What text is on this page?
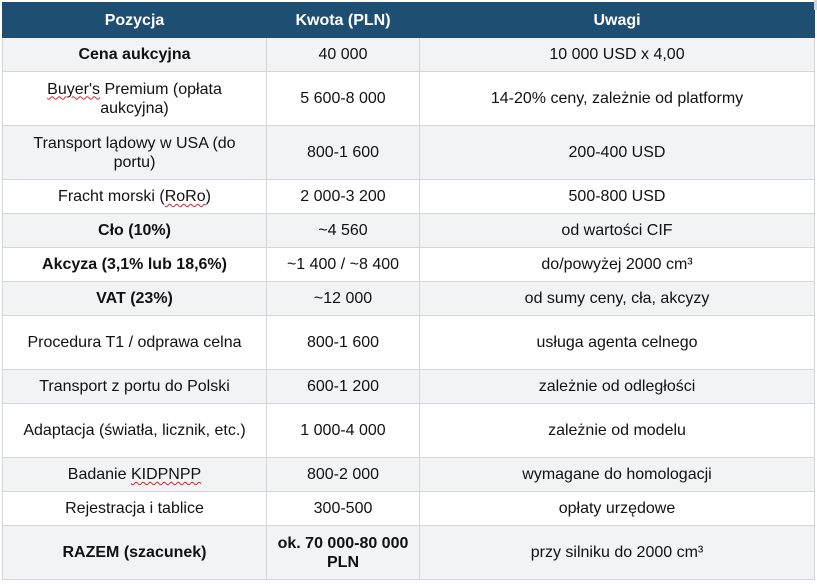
Pozycja	Kwota (PLN)	Uwagi
Cena aukcyjna	40 000	10 000 USD x 4,00
Buyer's Premium (opłata aukcyjna)	5 600-8 000	14-20% ceny, zależnie od platformy
Transport lądowy w USA (do portu)	800-1 600	200-400 USD
Fracht morski (RoRo)	2 000-3 200	500-800 USD
Cło (10%)	~4 560	od wartości CIF
Akcyza (3,1% lub 18,6%)	~1 400 / ~8 400	do/powyżej 2000 cm³
VAT (23%)	~12 000	od sumy ceny, cła, akcyzy
Procedura T1 / odprawa celna	800-1 600	usługa agenta celnego
Transport z portu do Polski	600-1 200	zależnie od odległości
Adaptacja (światła, licznik, etc.)	1 000-4 000	zależnie od modelu
Badanie KIDPNPP	800-2 000	wymagane do homologacji
Rejestracja i tablice	300-500	opłaty urzędowe
RAZEM (szacunek)	ok. 70 000-80 000 PLN	przy silniku do 2000 cm³
